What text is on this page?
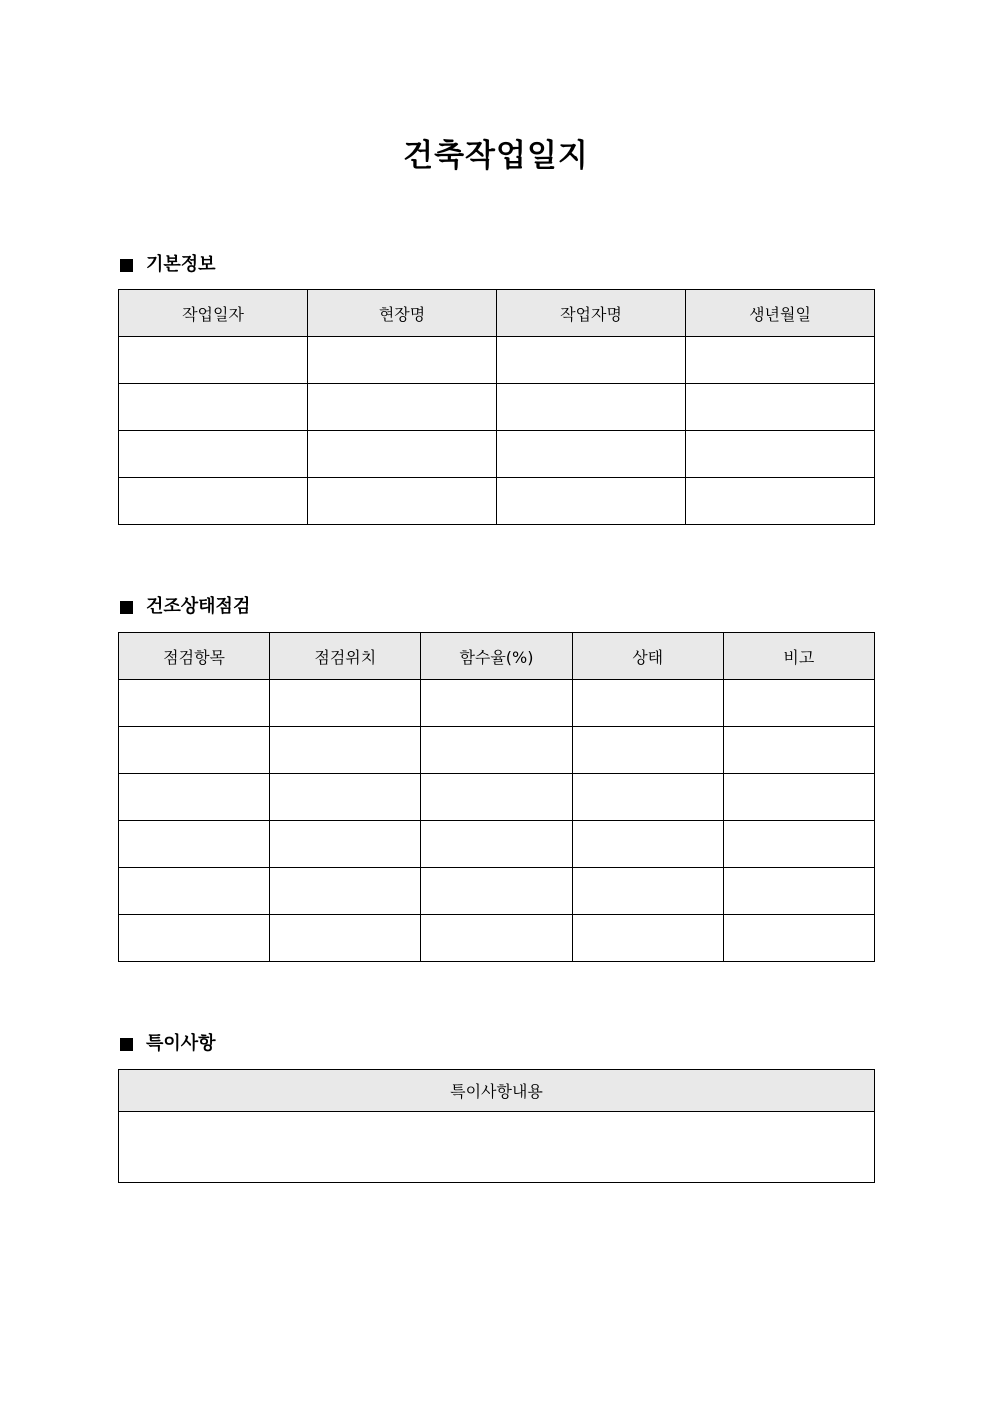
건축작업일지
기본정보
작업일자	현장명	작업자명	생년월일

건조상태점검
점검항목	점검위치	함수율(%)	상태	비고

특이사항
특이사항내용
